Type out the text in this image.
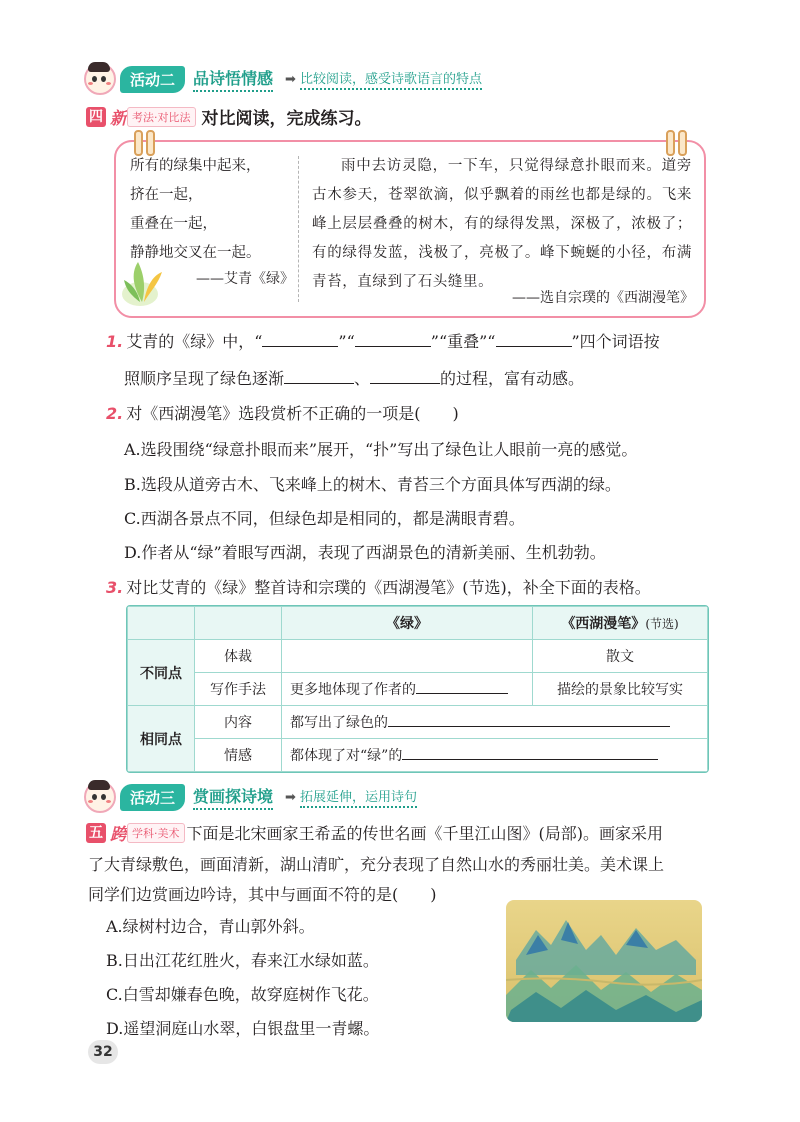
活动二	品诗悟情感 ➡ 比较阅读，感受诗歌语言的特点
四 新 考法·对比法 对比阅读，完成练习。
所有的绿集中起来，
挤在一起，
重叠在一起，
静静地交叉在一起。
——艾青《绿》
雨中去访灵隐，一下车，只觉得绿意扑眼而来。道旁古木参天，苍翠欲滴，似乎飘着的雨丝也都是绿的。飞来峰上层层叠叠的树木，有的绿得发黑，深极了，浓极了；有的绿得发蓝，浅极了，亮极了。峰下蜿蜒的小径，布满青苔，直绿到了石头缝里。
——选自宗璞的《西湖漫笔》
1. 艾青的《绿》中，“	”“	”“重叠”“	”四个词语按
照顺序呈现了绿色逐渐	、	的过程，富有动感。
2. 对《西湖漫笔》选段赏析不正确的一项是(　　)
A.选段围绕“绿意扑眼而来”展开，“扑”写出了绿色让人眼前一亮的感觉。
B.选段从道旁古木、飞来峰上的树木、青苔三个方面具体写西湖的绿。
C.西湖各景点不同，但绿色却是相同的，都是满眼青碧。
D.作者从“绿”着眼写西湖，表现了西湖景色的清新美丽、生机勃勃。
3. 对比艾青的《绿》整首诗和宗璞的《西湖漫笔》(节选)，补全下面的表格。
		《绿》	《西湖漫笔》(节选)
不同点	体裁		散文
	写作手法	更多地体现了作者的	描绘的景象比较写实
相同点	内容	都写出了绿色的	
	情感	都体现了对“绿”的	
活动三	赏画探诗境 ➡ 拓展延伸，运用诗句
五 跨 学科·美术 下面是北宋画家王希孟的传世名画《千里江山图》(局部)。画家采用
了大青绿敷色，画面清新，湖山清旷，充分表现了自然山水的秀丽壮美。美术课上
同学们边赏画边吟诗，其中与画面不符的是(　　)
A.绿树村边合，青山郭外斜。
B.日出江花红胜火，春来江水绿如蓝。
C.白雪却嫌春色晚，故穿庭树作飞花。
D.遥望洞庭山水翠，白银盘里一青螺。
32
